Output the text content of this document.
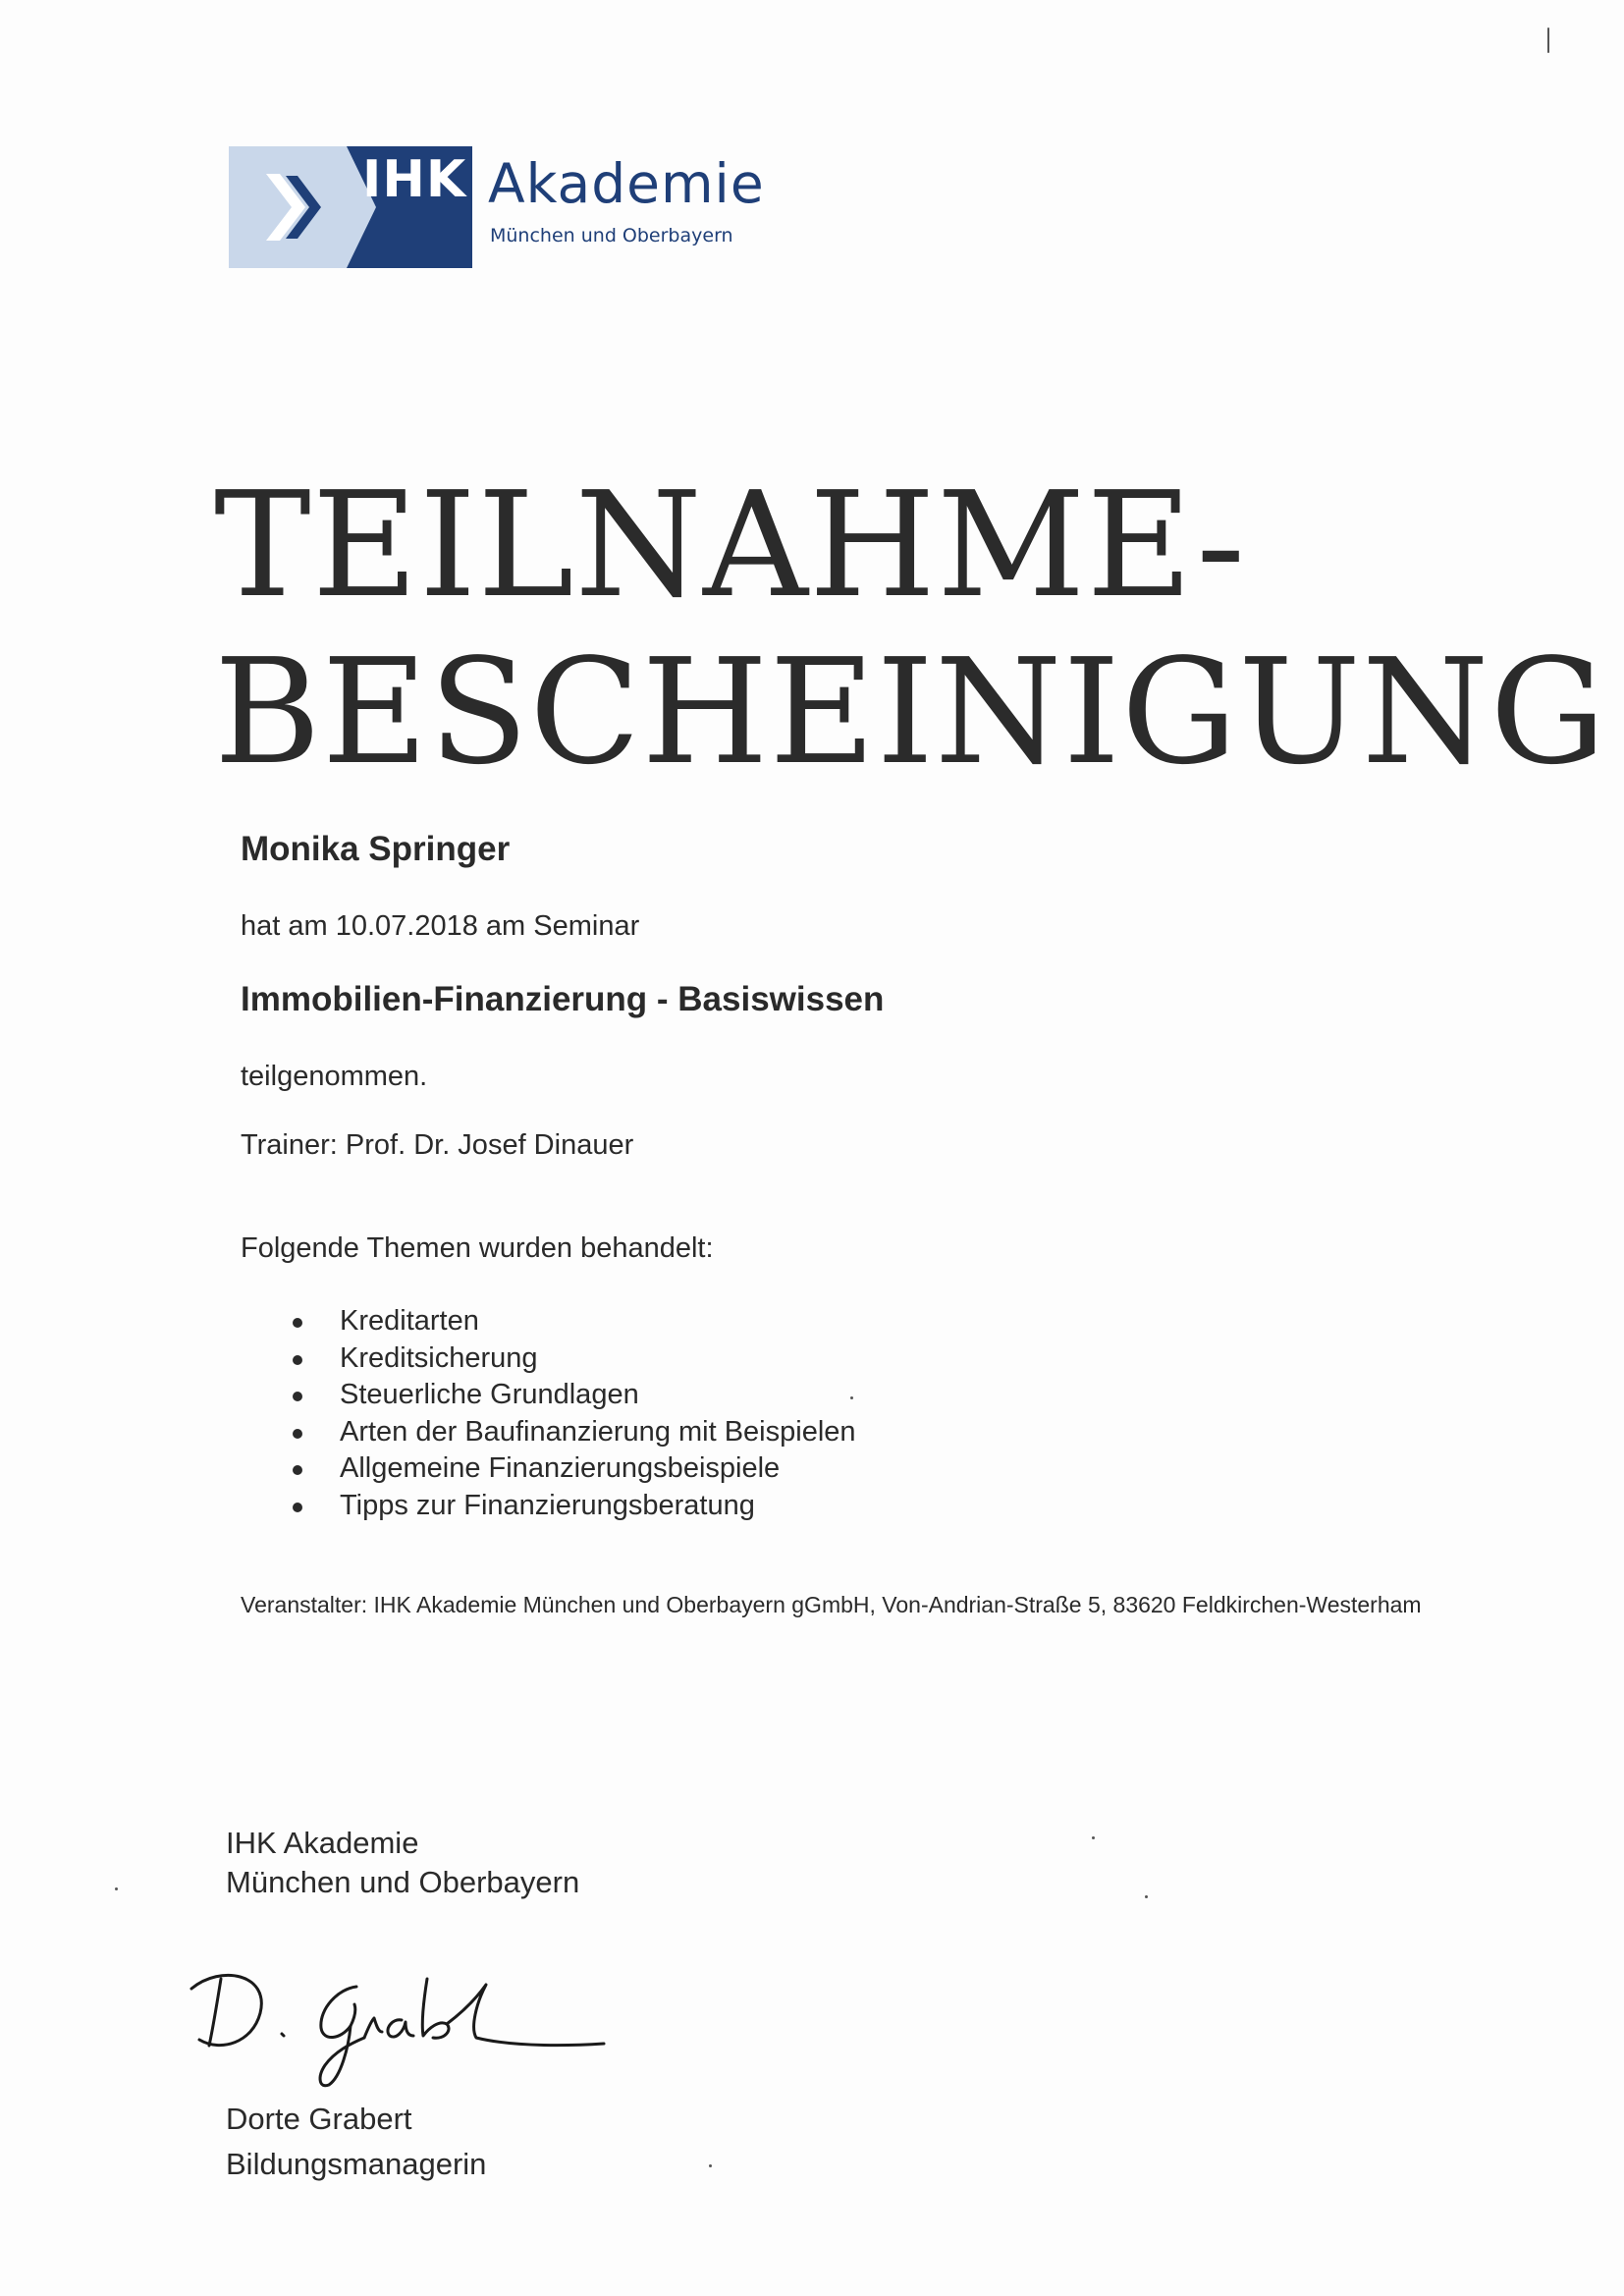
IHK Akademie
München und Oberbayern
TEILNAHME-
BESCHEINIGUNG

Monika Springer

hat am 10.07.2018 am Seminar

Immobilien-Finanzierung - Basiswissen

teilgenommen.

Trainer: Prof. Dr. Josef Dinauer

Folgende Themen wurden behandelt:

Kreditarten
Kreditsicherung
Steuerliche Grundlagen
Arten der Baufinanzierung mit Beispielen
Allgemeine Finanzierungsbeispiele
Tipps zur Finanzierungsberatung

Veranstalter: IHK Akademie München und Oberbayern gGmbH, Von-Andrian-Straße 5, 83620 Feldkirchen-Westerham

IHK Akademie
München und Oberbayern
Dorte Grabert
Bildungsmanagerin
